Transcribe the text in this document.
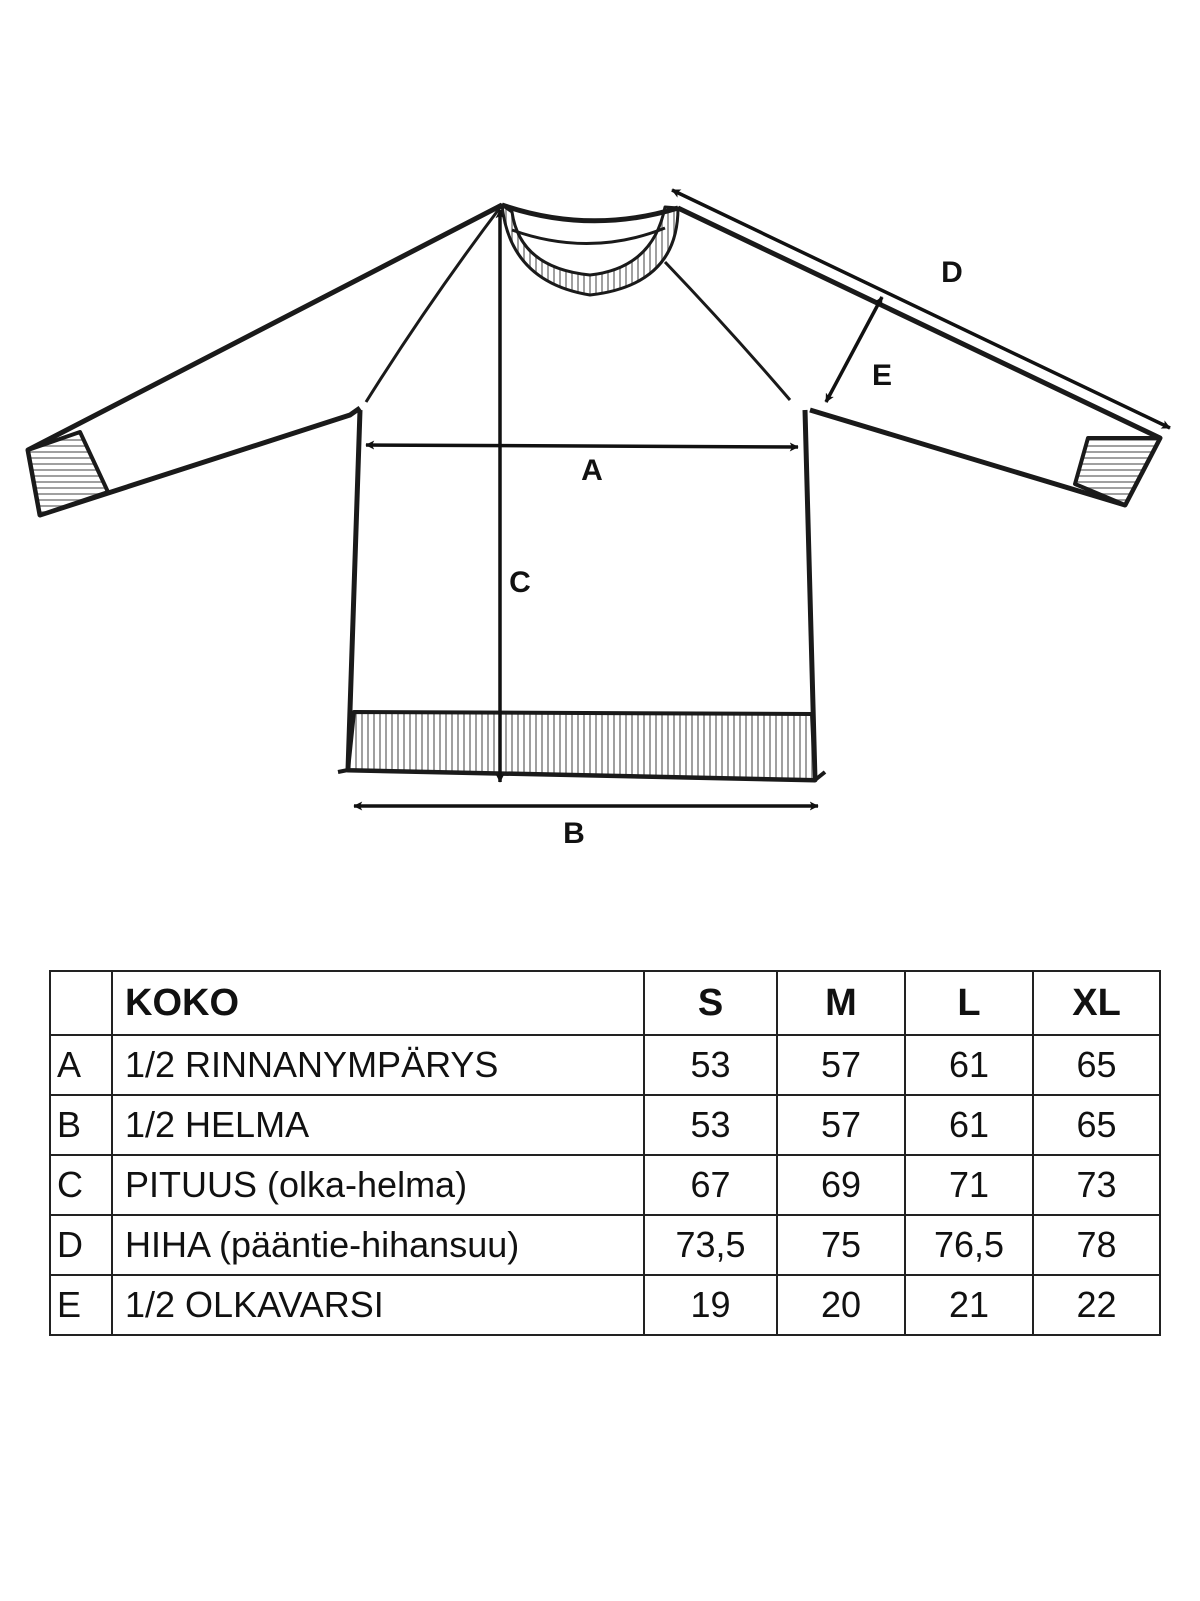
A
B
C
D
E
	KOKO	S	M	L	XL
A	1/2 RINNANYMPÄRYS	53	57	61	65
B	1/2 HELMA	53	57	61	65
C	PITUUS (olka-helma)	67	69	71	73
D	HIHA (pääntie-hihansuu)	73,5	75	76,5	78
E	1/2 OLKAVARSI	19	20	21	22
